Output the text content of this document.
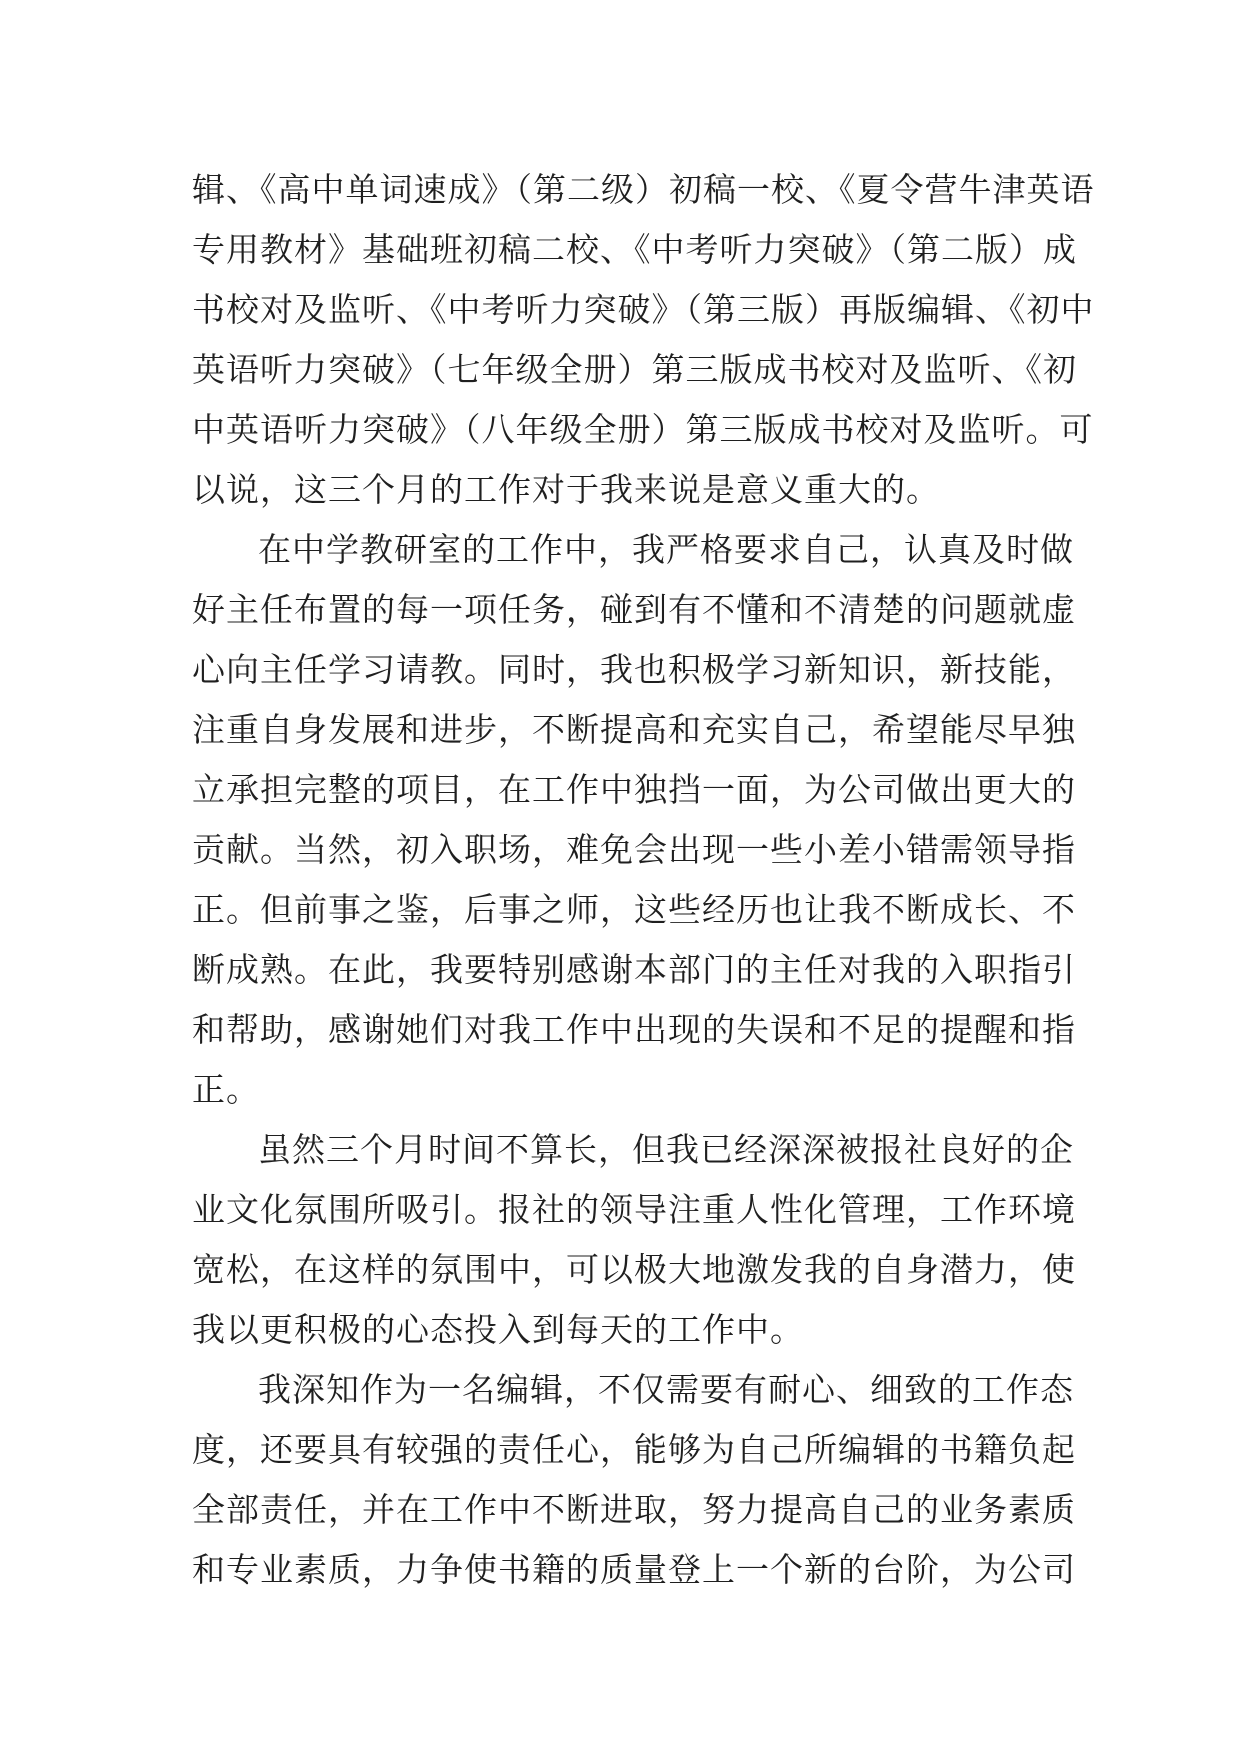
辑、《高中单词速成》（第二级）初稿一校、《夏令营牛津英语
专用教材》基础班初稿二校、《中考听力突破》（第二版）成
书校对及监听、《中考听力突破》（第三版）再版编辑、《初中
英语听力突破》（七年级全册）第三版成书校对及监听、《初
中英语听力突破》（八年级全册）第三版成书校对及监听。可
以说，这三个月的工作对于我来说是意义重大的。
在中学教研室的工作中，我严格要求自己，认真及时做
好主任布置的每一项任务，碰到有不懂和不清楚的问题就虚
心向主任学习请教。同时，我也积极学习新知识，新技能，
注重自身发展和进步，不断提高和充实自己，希望能尽早独
立承担完整的项目，在工作中独挡一面，为公司做出更大的
贡献。当然，初入职场，难免会出现一些小差小错需领导指
正。但前事之鉴，后事之师，这些经历也让我不断成长、不
断成熟。在此，我要特别感谢本部门的主任对我的入职指引
和帮助，感谢她们对我工作中出现的失误和不足的提醒和指
正。
虽然三个月时间不算长，但我已经深深被报社良好的企
业文化氛围所吸引。报社的领导注重人性化管理，工作环境
宽松，在这样的氛围中，可以极大地激发我的自身潜力，使
我以更积极的心态投入到每天的工作中。
我深知作为一名编辑，不仅需要有耐心、细致的工作态
度，还要具有较强的责任心，能够为自己所编辑的书籍负起
全部责任，并在工作中不断进取，努力提高自己的业务素质
和专业素质，力争使书籍的质量登上一个新的台阶，为公司
